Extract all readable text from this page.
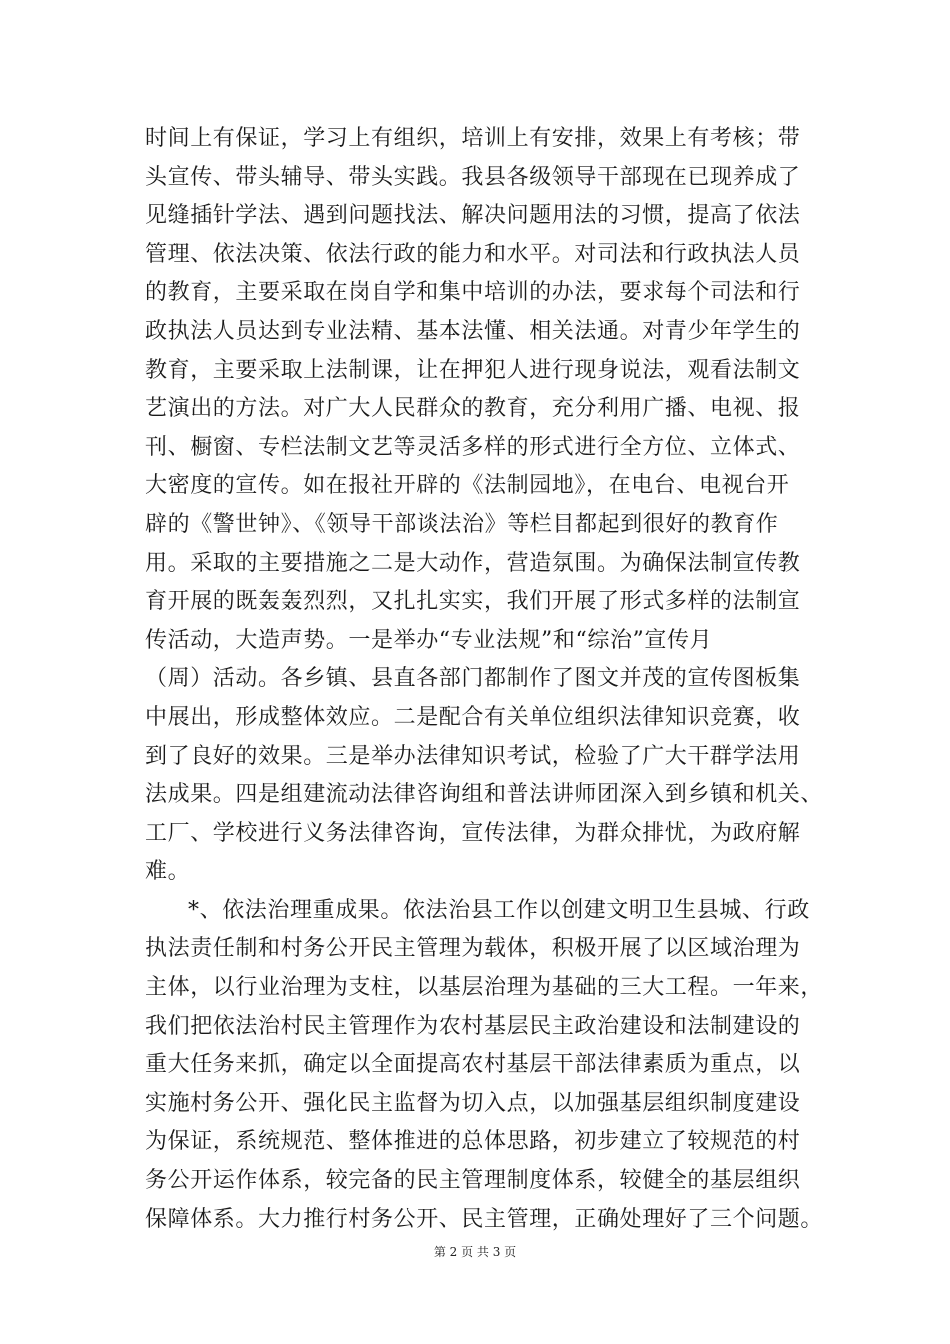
时间上有保证，学习上有组织，培训上有安排，效果上有考核；带
头宣传、带头辅导、带头实践。我县各级领导干部现在已现养成了
见缝插针学法、遇到问题找法、解决问题用法的习惯，提高了依法
管理、依法决策、依法行政的能力和水平。对司法和行政执法人员
的教育，主要采取在岗自学和集中培训的办法，要求每个司法和行
政执法人员达到专业法精、基本法懂、相关法通。对青少年学生的
教育，主要采取上法制课，让在押犯人进行现身说法，观看法制文
艺演出的方法。对广大人民群众的教育，充分利用广播、电视、报
刊、橱窗、专栏法制文艺等灵活多样的形式进行全方位、立体式、
大密度的宣传。如在报社开辟的《法制园地》，在电台、电视台开
辟的《警世钟》、《领导干部谈法治》等栏目都起到很好的教育作
用。采取的主要措施之二是大动作，营造氛围。为确保法制宣传教
育开展的既轰轰烈烈，又扎扎实实，我们开展了形式多样的法制宣
传活动，大造声势。一是举办“专业法规”和“综治”宣传月
（周）活动。各乡镇、县直各部门都制作了图文并茂的宣传图板集
中展出，形成整体效应。二是配合有关单位组织法律知识竞赛，收
到了良好的效果。三是举办法律知识考试，检验了广大干群学法用
法成果。四是组建流动法律咨询组和普法讲师团深入到乡镇和机关、
工厂、学校进行义务法律咨询，宣传法律，为群众排忧，为政府解
难。
*、依法治理重成果。依法治县工作以创建文明卫生县城、行政
执法责任制和村务公开民主管理为载体，积极开展了以区域治理为
主体，以行业治理为支柱，以基层治理为基础的三大工程。一年来，
我们把依法治村民主管理作为农村基层民主政治建设和法制建设的
重大任务来抓，确定以全面提高农村基层干部法律素质为重点，以
实施村务公开、强化民主监督为切入点，以加强基层组织制度建设
为保证，系统规范、整体推进的总体思路，初步建立了较规范的村
务公开运作体系，较完备的民主管理制度体系，较健全的基层组织
保障体系。大力推行村务公开、民主管理，正确处理好了三个问题。
第 2 页 共 3 页
